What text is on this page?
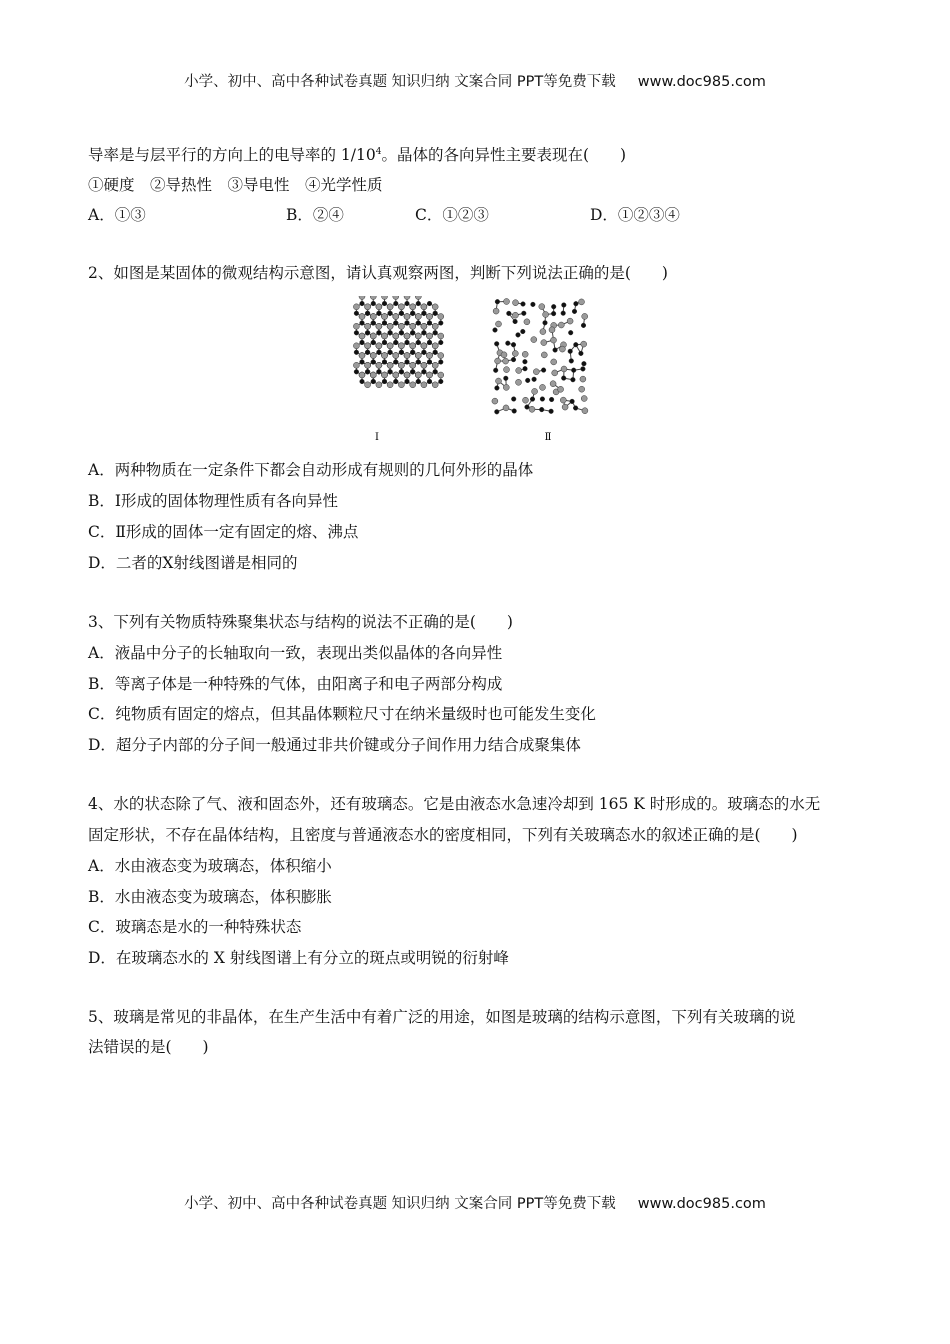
小学、初中、高中各种试卷真题 知识归纳 文案合同 PPT等免费下载 www.doc985.com
导率是与层平行的方向上的电导率的 $1/10^4$。晶体的各向异性主要表现在(　　)
①硬度　②导热性　③导电性　④光学性质
A．①③	B．②④	C．①②③	D．①②③④
2、如图是某固体的微观结构示意图，请认真观察两图，判断下列说法正确的是(　　)
Ⅰ	Ⅱ
A．两种物质在一定条件下都会自动形成有规则的几何外形的晶体
B．Ⅰ形成的固体物理性质有各向异性
C．Ⅱ形成的固体一定有固定的熔、沸点
D．二者的X射线图谱是相同的
3、下列有关物质特殊聚集状态与结构的说法不正确的是(　　)
A．液晶中分子的长轴取向一致，表现出类似晶体的各向异性
B．等离子体是一种特殊的气体，由阳离子和电子两部分构成
C．纯物质有固定的熔点，但其晶体颗粒尺寸在纳米量级时也可能发生变化
D．超分子内部的分子间一般通过非共价键或分子间作用力结合成聚集体
4、水的状态除了气、液和固态外，还有玻璃态。它是由液态水急速冷却到 165 K 时形成的。玻璃态的水无
固定形状，不存在晶体结构，且密度与普通液态水的密度相同，下列有关玻璃态水的叙述正确的是(　　)
A．水由液态变为玻璃态，体积缩小
B．水由液态变为玻璃态，体积膨胀
C．玻璃态是水的一种特殊状态
D．在玻璃态水的 X 射线图谱上有分立的斑点或明锐的衍射峰
5、玻璃是常见的非晶体，在生产生活中有着广泛的用途，如图是玻璃的结构示意图，下列有关玻璃的说
法错误的是(　　)
小学、初中、高中各种试卷真题 知识归纳 文案合同 PPT等免费下载 www.doc985.com
